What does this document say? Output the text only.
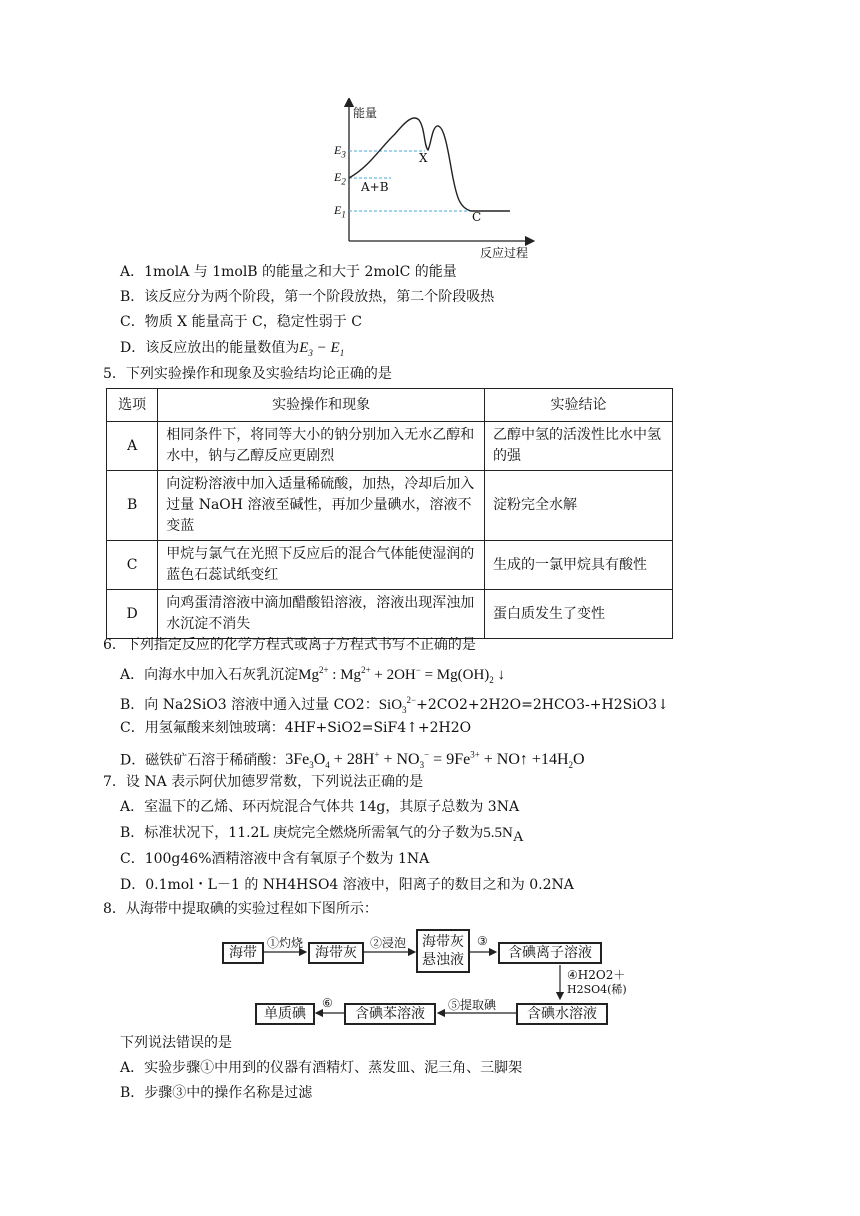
能量
反应过程
$E_3$
$E_2$
$E_1$
X
A+B
C
A．1molA 与 1molB 的能量之和大于 2molC 的能量
B．该反应分为两个阶段，第一个阶段放热，第二个阶段吸热
C．物质 X 能量高于 C，稳定性弱于 C
D．该反应放出的能量数值为$E_3 - E_1$
5．下列实验操作和现象及实验结均论正确的是
选项	实验操作和现象	实验结论
A	相同条件下，将同等大小的钠分别加入无水乙醇和水中，钠与乙醇反应更剧烈	乙醇中氢的活泼性比水中氢的强
B	向淀粉溶液中加入适量稀硫酸，加热，冷却后加入过量 NaOH 溶液至碱性，再加少量碘水，溶液不变蓝	淀粉完全水解
C	甲烷与氯气在光照下反应后的混合气体能使湿润的蓝色石蕊试纸变红	生成的一氯甲烷具有酸性
D	向鸡蛋清溶液中滴加醋酸铅溶液，溶液出现浑浊加水沉淀不消失	蛋白质发生了变性
6．下列指定反应的化学方程式或离子方程式书写不正确的是
A．向海水中加入石灰乳沉淀$Mg^{2+}$ : $Mg^{2+} + 2OH^- = Mg(OH)_2$ ↓
B．向 Na2SiO3 溶液中通入过量 CO2：SiO$_3^{2-}$+2CO2+2H2O=2HCO3-+H2SiO3↓
C．用氢氟酸来刻蚀玻璃：4HF+SiO2=SiF4↑+2H2O
D．磁铁矿石溶于稀硝酸：$3Fe_3O_4 + 28H^+ + NO_3^- = 9Fe^{3+}$ + NO↑ $+14H_2O$
7．设 NA 表示阿伏加德罗常数，下列说法正确的是
A．室温下的乙烯、环丙烷混合气体共 14g，其原子总数为 3NA
B．标准状况下，11.2L 庚烷完全燃烧所需氧气的分子数为$5.5N_A$
C．100g46%酒精溶液中含有氧原子个数为 1NA
D．0.1mol・L－1 的 NH4HSO4 溶液中，阳离子的数目之和为 0.2NA
8．从海带中提取碘的实验过程如下图所示：
海带	海带灰
海带灰
悬浊液	含碘离子溶液
含碘水溶液
含碘苯溶液
单质碘
①灼烧	②浸泡	③
④H2O2＋
H2SO4(稀)
⑤提取碘
⑥
下列说法错误的是
A．实验步骤①中用到的仪器有酒精灯、蒸发皿、泥三角、三脚架
B．步骤③中的操作名称是过滤
